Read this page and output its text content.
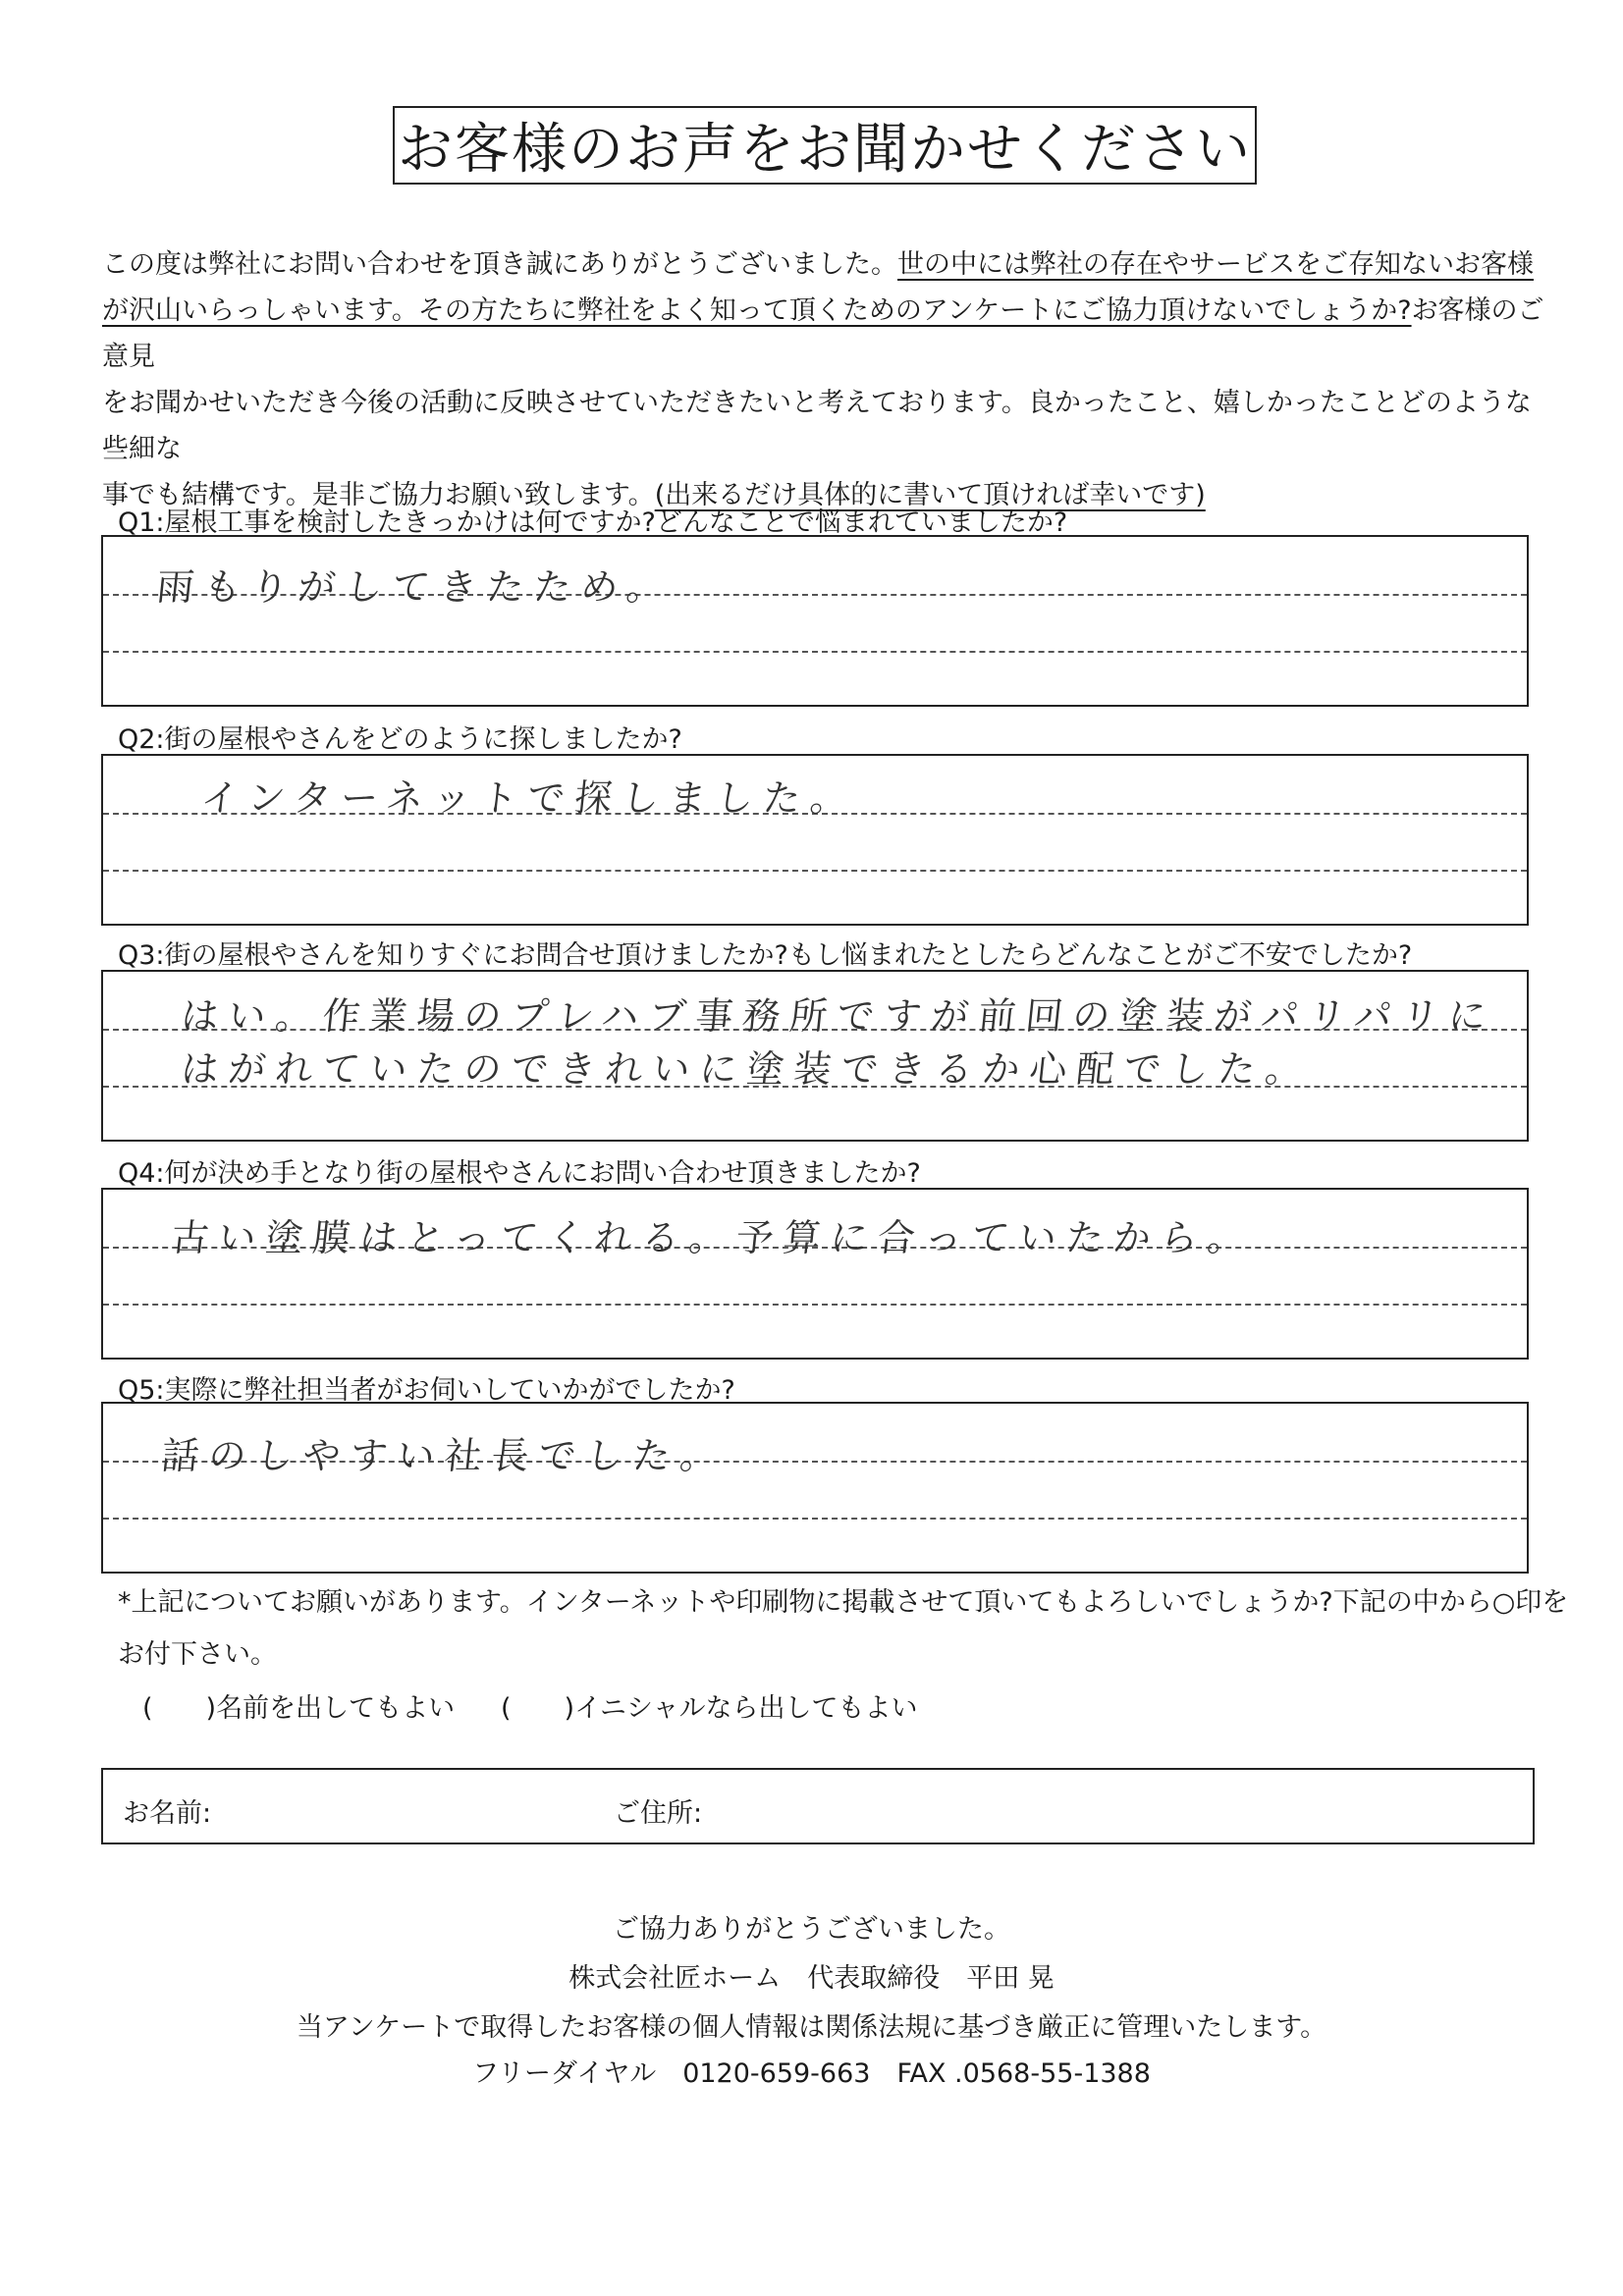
お客様のお声をお聞かせください

この度は弊社にお問い合わせを頂き誠にありがとうございました。世の中には弊社の存在やサービスをご存知ないお客様

が沢山いらっしゃいます。その方たちに弊社をよく知って頂くためのアンケートにご協力頂けないでしょうか?お客様のご意見

をお聞かせいただき今後の活動に反映させていただきたいと考えております。良かったこと、嬉しかったことどのような些細な

事でも結構です。是非ご協力お願い致します。(出来るだけ具体的に書いて頂ければ幸いです)

Q1:屋根工事を検討したきっかけは何ですか?どんなことで悩まれていましたか?
雨もりがしてきたため。
Q2:街の屋根やさんをどのように探しましたか?
インターネットで探しました。
Q3:街の屋根やさんを知りすぐにお問合せ頂けましたか?もし悩まれたとしたらどんなことがご不安でしたか?
はい。作業場のプレハブ事務所ですが前回の塗装がパリパリに
はがれていたのできれいに塗装できるか心配でした。
Q4:何が決め手となり街の屋根やさんにお問い合わせ頂きましたか?
古い塗膜はとってくれる。予算に合っていたから。
Q5:実際に弊社担当者がお伺いしていかがでしたか?
話のしやすい社長でした。
*上記についてお願いがあります。インターネットや印刷物に掲載させて頂いてもよろしいでしょうか?下記の中から○印を
お付下さい。
(　　)名前を出してもよい (　　)イニシャルなら出してもよい
お名前:	ご住所:
ご協力ありがとうございました。
株式会社匠ホーム　代表取締役　平田 晃
当アンケートで取得したお客様の個人情報は関係法規に基づき厳正に管理いたします。
フリーダイヤル　0120-659-663　FAX .0568-55-1388
